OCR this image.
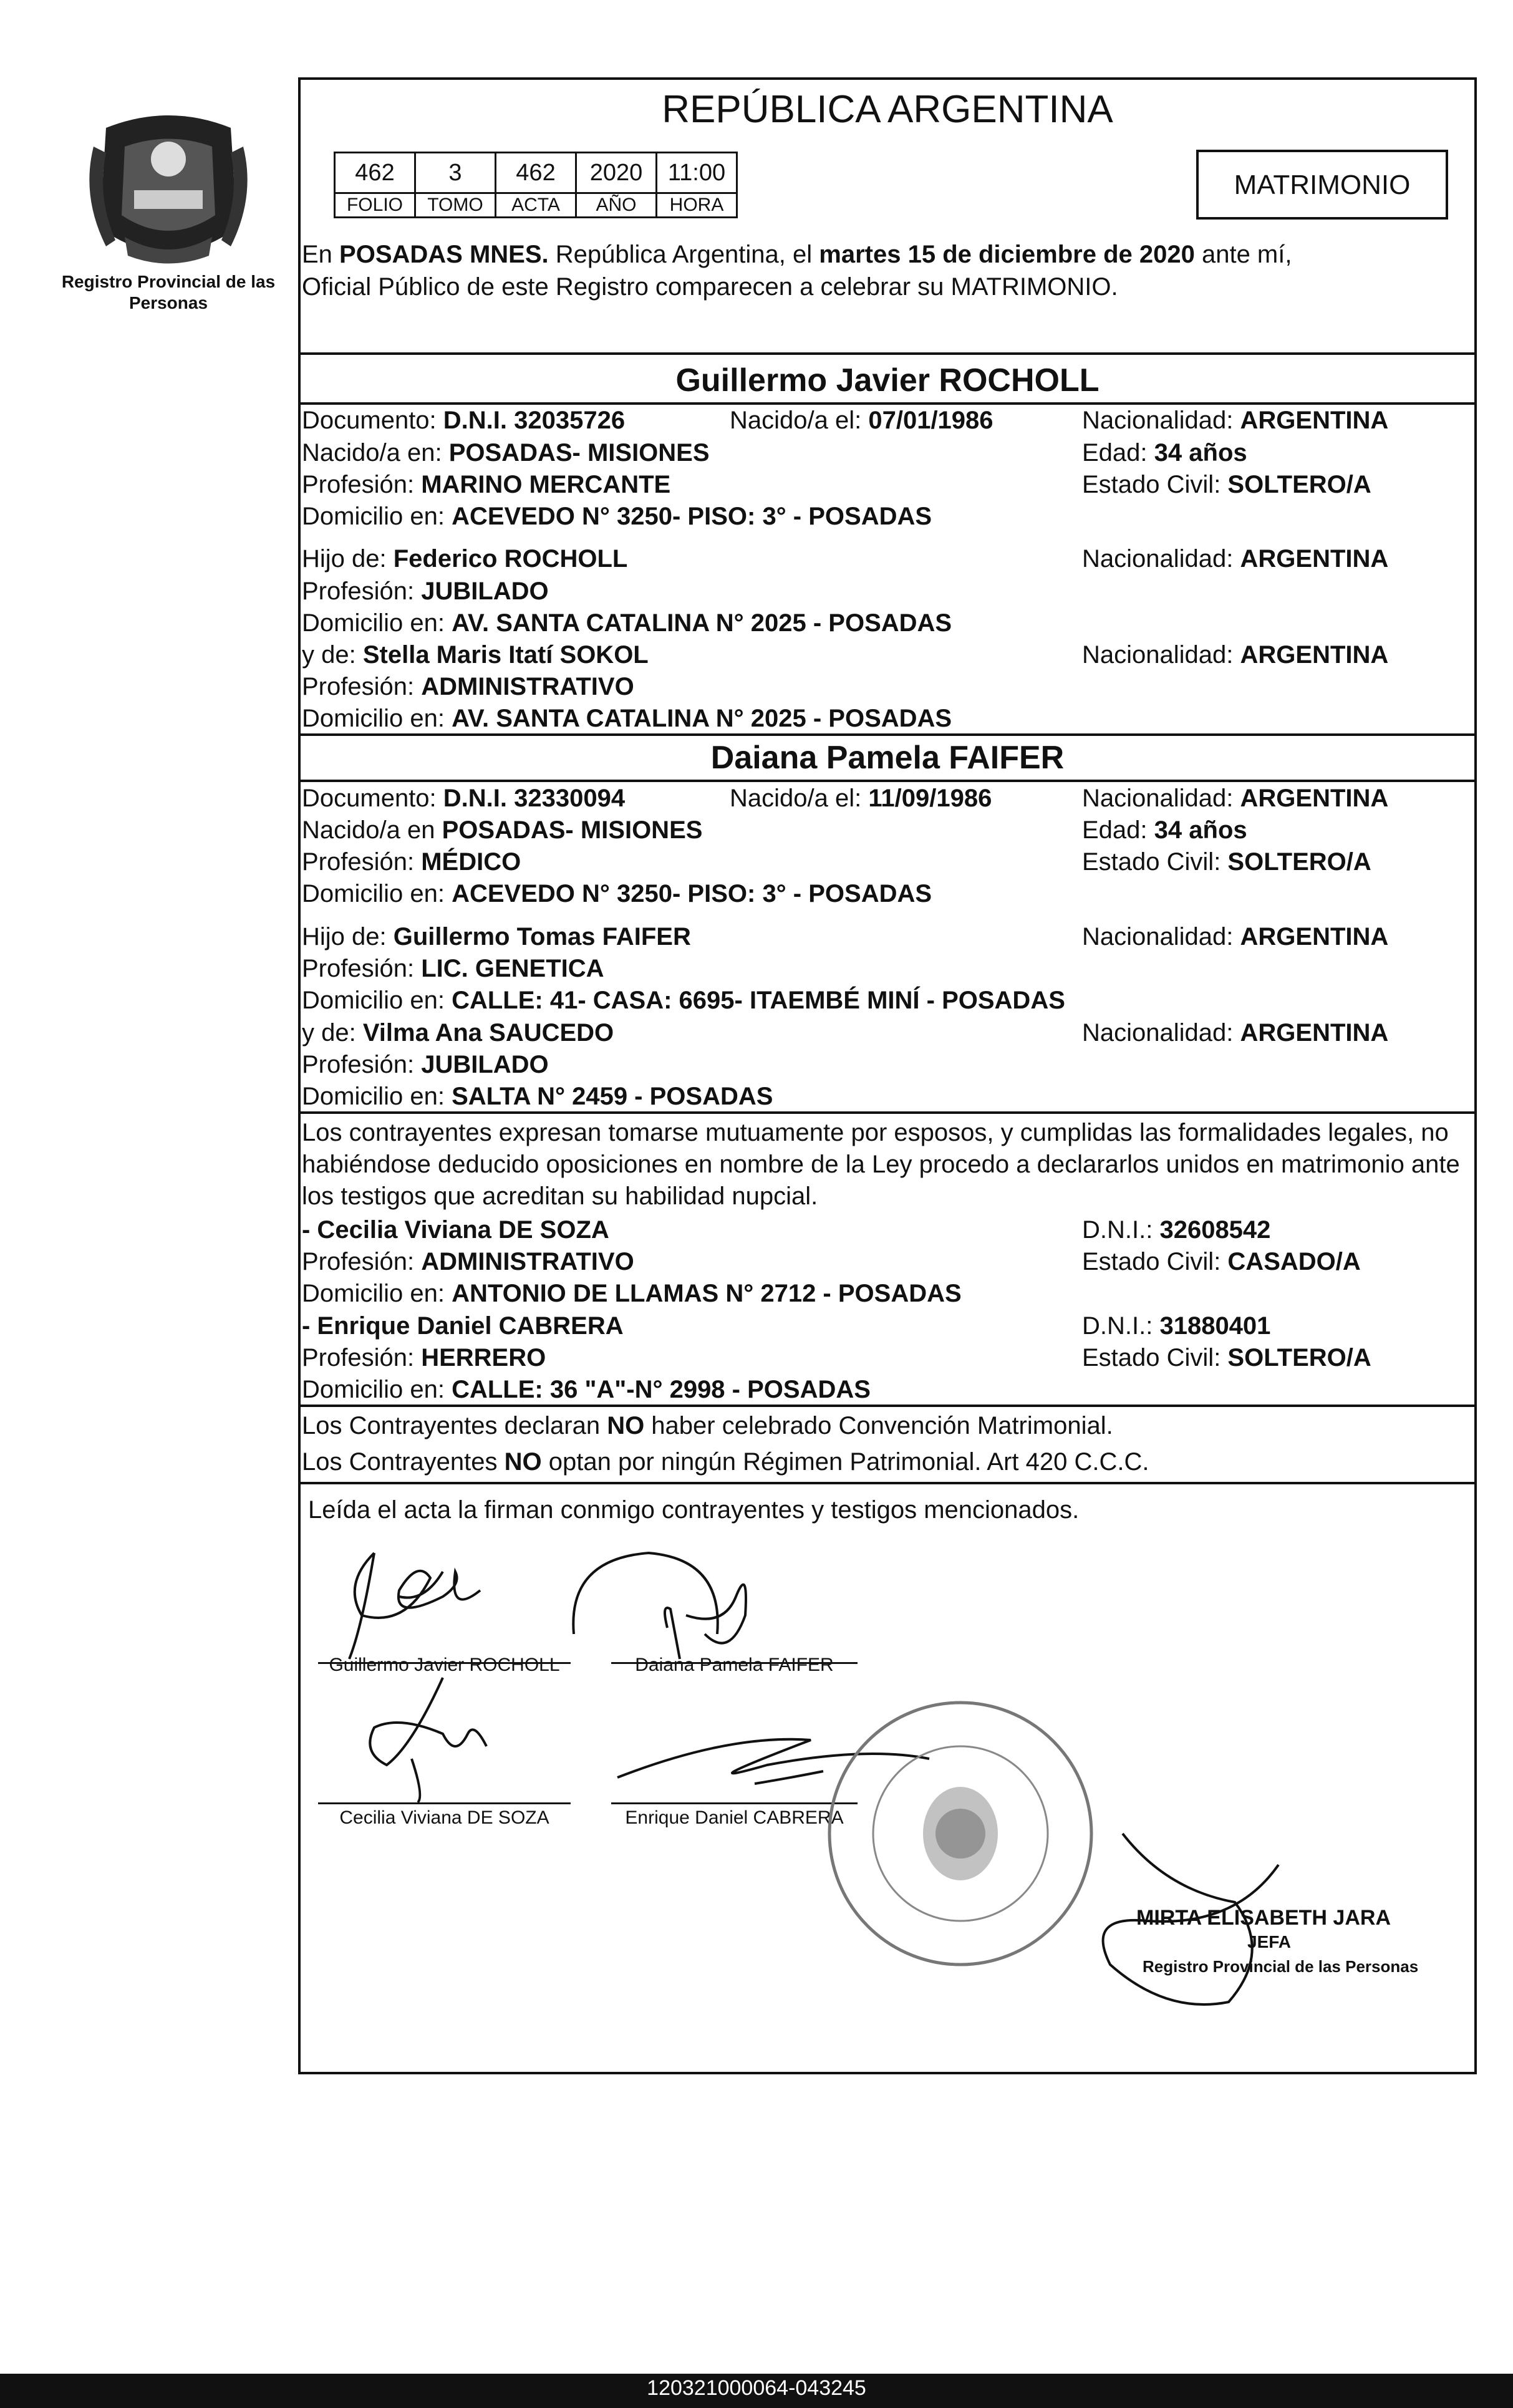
Registro Provincial de las Personas
REPÚBLICA ARGENTINA
462	3	462	2020	11:00
FOLIO	TOMO	ACTA	AÑO	HORA
MATRIMONIO
En POSADAS MNES. República Argentina, el martes 15 de diciembre de 2020 ante mí,
Oficial Público de este Registro comparecen a celebrar su MATRIMONIO.
Guillermo Javier ROCHOLL
Documento: D.N.I. 32035726	Nacido/a el: 07/01/1986	Nacionalidad: ARGENTINA
Nacido/a en: POSADAS- MISIONES	Edad: 34 años
Profesión: MARINO MERCANTE	Estado Civil: SOLTERO/A
Domicilio en: ACEVEDO N° 3250- PISO: 3° - POSADAS
Hijo de: Federico ROCHOLL	Nacionalidad: ARGENTINA
Profesión: JUBILADO
Domicilio en: AV. SANTA CATALINA N° 2025 - POSADAS
y de: Stella Maris Itatí SOKOL	Nacionalidad: ARGENTINA
Profesión: ADMINISTRATIVO
Domicilio en: AV. SANTA CATALINA N° 2025 - POSADAS
Daiana Pamela FAIFER
Documento: D.N.I. 32330094	Nacido/a el: 11/09/1986	Nacionalidad: ARGENTINA
Nacido/a en POSADAS- MISIONES	Edad: 34 años
Profesión: MÉDICO	Estado Civil: SOLTERO/A
Domicilio en: ACEVEDO N° 3250- PISO: 3° - POSADAS
Hijo de: Guillermo Tomas FAIFER	Nacionalidad: ARGENTINA
Profesión: LIC. GENETICA
Domicilio en: CALLE: 41- CASA: 6695- ITAEMBÉ MINÍ - POSADAS
y de: Vilma Ana SAUCEDO	Nacionalidad: ARGENTINA
Profesión: JUBILADO
Domicilio en: SALTA N° 2459 - POSADAS
Los contrayentes expresan tomarse mutuamente por esposos, y cumplidas las formalidades legales, no
habiéndose deducido oposiciones en nombre de la Ley procedo a declararlos unidos en matrimonio ante
los testigos que acreditan su habilidad nupcial.
- Cecilia Viviana DE SOZA	D.N.I.: 32608542
Profesión: ADMINISTRATIVO	Estado Civil: CASADO/A
Domicilio en: ANTONIO DE LLAMAS N° 2712 - POSADAS
- Enrique Daniel CABRERA	D.N.I.: 31880401
Profesión: HERRERO	Estado Civil: SOLTERO/A
Domicilio en: CALLE: 36 "A"-N° 2998 - POSADAS
Los Contrayentes declaran NO haber celebrado Convención Matrimonial.
Los Contrayentes NO optan por ningún Régimen Patrimonial. Art 420 C.C.C.
Leída el acta la firman conmigo contrayentes y testigos mencionados.
Guillermo Javier ROCHOLL	Daiana Pamela FAIFER
Cecilia Viviana DE SOZA	Enrique Daniel CABRERA
MIRTA ELISABETH JARA
JEFA
Registro Provincial de las Personas
120321000064-043245
